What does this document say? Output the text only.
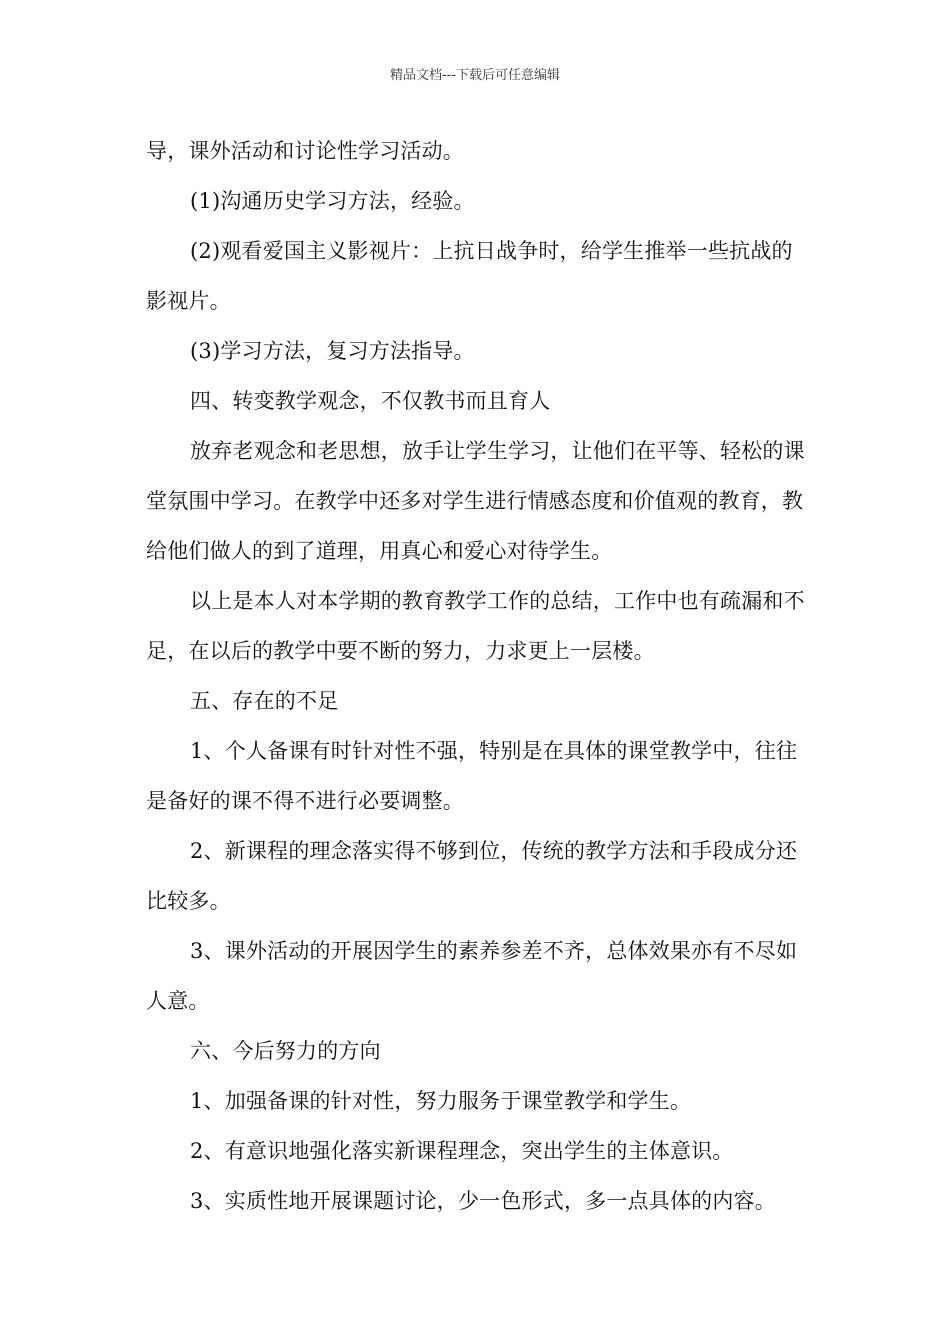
精品文档---下载后可任意编辑

导，课外活动和讨论性学习活动。

(1)沟通历史学习方法，经验。

(2)观看爱国主义影视片：上抗日战争时，给学生推举一些抗战的影视片。

(3)学习方法，复习方法指导。

四、转变教学观念，不仅教书而且育人

放弃老观念和老思想，放手让学生学习，让他们在平等、轻松的课堂氛围中学习。在教学中还多对学生进行情感态度和价值观的教育，教给他们做人的到了道理，用真心和爱心对待学生。

以上是本人对本学期的教育教学工作的总结，工作中也有疏漏和不足，在以后的教学中要不断的努力，力求更上一层楼。

五、存在的不足

1、个人备课有时针对性不强，特别是在具体的课堂教学中，往往是备好的课不得不进行必要调整。

2、新课程的理念落实得不够到位，传统的教学方法和手段成分还比较多。

3、课外活动的开展因学生的素养参差不齐，总体效果亦有不尽如人意。

六、今后努力的方向

1、加强备课的针对性，努力服务于课堂教学和学生。

2、有意识地强化落实新课程理念，突出学生的主体意识。

3、实质性地开展课题讨论，少一色形式，多一点具体的内容。
